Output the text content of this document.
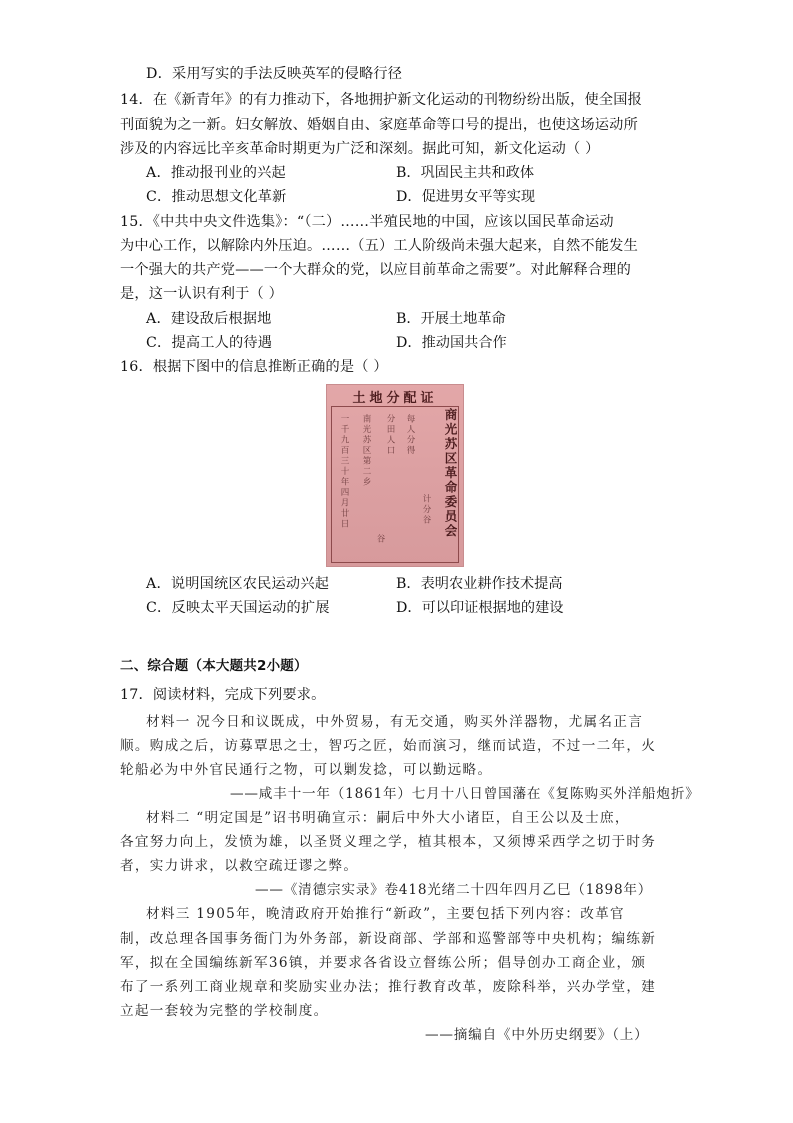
D．采用写实的手法反映英军的侵略行径
14．在《新青年》的有力推动下，各地拥护新文化运动的刊物纷纷出版，使全国报
刊面貌为之一新。妇女解放、婚姻自由、家庭革命等口号的提出，也使这场运动所
涉及的内容远比辛亥革命时期更为广泛和深刻。据此可知，新文化运动（ ）
A．推动报刊业的兴起	B．巩固民主共和政体
C．推动思想文化革新	D．促进男女平等实现
15．《中共中央文件选集》：“（二）……半殖民地的中国，应该以国民革命运动
为中心工作，以解除内外压迫。……（五）工人阶级尚未强大起来，自然不能发生
一个强大的共产党——一个大群众的党，以应目前革命之需要”。对此解释合理的
是，这一认识有利于（ ）
A．建设敌后根据地	B．开展土地革命
C．提高工人的待遇	D．推动国共合作
16．根据下图中的信息推断正确的是（ ）
土地分配证
商光苏区革命委员会
一千九百三十年四月廿日 南光苏区第二乡
谷
分田人口 每人分得
计分谷
A．说明国统区农民运动兴起	B．表明农业耕作技术提高
C．反映太平天国运动的扩展	D．可以印证根据地的建设
二、综合题（本大题共2小题）
17．阅读材料，完成下列要求。
材料一 况今日和议既成，中外贸易，有无交通，购买外洋器物，尤属名正言
顺。购成之后，访募覃思之士，智巧之匠，始而演习，继而试造，不过一二年，火
轮船必为中外官民通行之物，可以剿发捻，可以勤远略。
——咸丰十一年（1861年）七月十八日曾国藩在《复陈购买外洋船炮折》
材料二 “明定国是”诏书明确宣示：嗣后中外大小诸臣，自王公以及士庶，
各宜努力向上，发愤为雄，以圣贤义理之学，植其根本，又须博采西学之切于时务
者，实力讲求，以救空疏迂谬之弊。
——《清德宗实录》卷418光绪二十四年四月乙巳（1898年）
材料三 1905年，晚清政府开始推行“新政”，主要包括下列内容：改革官
制，改总理各国事务衙门为外务部，新设商部、学部和巡警部等中央机构；编练新
军，拟在全国编练新军36镇，并要求各省设立督练公所；倡导创办工商企业，颁
布了一系列工商业规章和奖励实业办法；推行教育改革，废除科举，兴办学堂，建
立起一套较为完整的学校制度。
——摘编自《中外历史纲要》（上）
